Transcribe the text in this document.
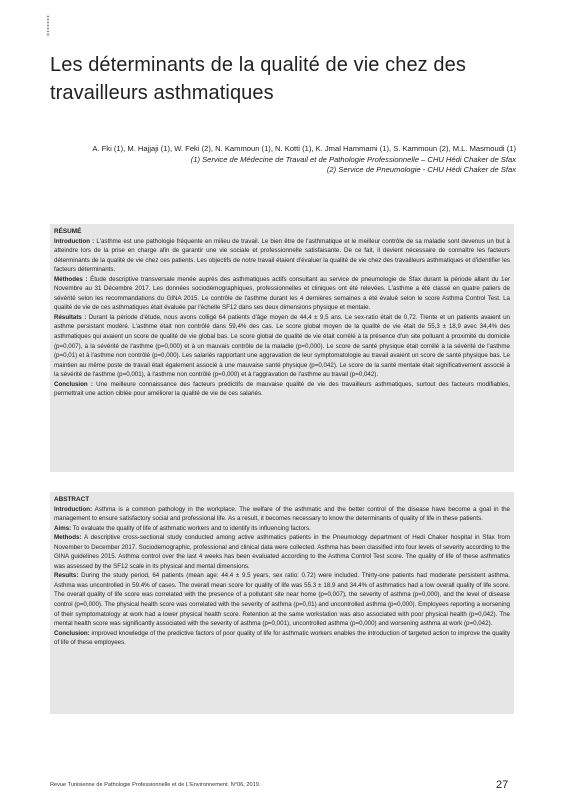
Les déterminants de la qualité de vie chez des travailleurs asthmatiques
A. Fki (1), M. Hajjaji (1), W. Feki (2), N. Kammoun (1), N. Kotti (1), K. Jmal Hammami (1), S. Kammoun (2), M.L. Masmoudi (1)
(1) Service de Médecine de Travail et de Pathologie Professionnelle – CHU Hédi Chaker de Sfax
(2) Service de Pneumologie - CHU Hédi Chaker de Sfax
RÉSUMÉ

Introduction : L'asthme est une pathologie fréquente en milieu de travail. Le bien être de l'asthmatique et le meilleur contrôle de sa maladie sont devenus un but à atteindre lors de la prise en charge afin de garantir une vie sociale et professionnelle satisfaisante. De ce fait, il devient nécessaire de connaître les facteurs déterminants de la qualité de vie chez ces patients. Les objectifs de notre travail étaient d'évaluer la qualité de vie chez des travailleurs asthmatiques et d'identifier les facteurs déterminants.

Méthodes : Étude descriptive transversale menée auprès des asthmatiques actifs consultant au service de pneumologie de Sfax durant la période allant du 1er Novembre au 31 Décembre 2017. Les données sociodémographiques, professionnelles et cliniques ont été relevées. L'asthme a été classé en quatre paliers de sévérité selon les recommandations du GINA 2015. Le contrôle de l'asthme durant les 4 dernières semaines a été évalué selon le score Asthma Control Test. La qualité de vie de ces asthmatiques était évaluée par l'échelle SF12 dans ses deux dimensions physique et mentale.

Résultats : Durant la période d'étude, nous avons colligé 64 patients d'âge moyen de 44,4 ± 9,5 ans. Le sex-ratio était de 0,72. Trente et un patients avaient un asthme persistant modéré. L'asthme était non contrôlé dans 59,4% des cas. Le score global moyen de la qualité de vie était de 55,3 ± 18,9 avec 34,4% des asthmatiques qui avaient un score de qualité de vie global bas. Le score global de qualité de vie était corrélé à la présence d'un site polluant à proximité du domicile (p=0,007), à la sévérité de l'asthme (p=0,000) et à un mauvais contrôle de la maladie (p=0,000). Le score de santé physique était corrélé à la sévérité de l'asthme (p=0,01) et à l'asthme non contrôlé (p=0,000). Les salariés rapportant une aggravation de leur symptomatologie au travail avaient un score de santé physique bas. Le maintien au même poste de travail était également associé à une mauvaise santé physique (p=0,042). Le score de la santé mentale était significativement associé à la sévérité de l'asthme (p=0,001), à l'asthme non contrôlé (p=0,000) et à l'aggravation de l'asthme au travail (p=0,042).

Conclusion : Une meilleure connaissance des facteurs prédictifs de mauvaise qualité de vie des travailleurs asthmatiques, surtout des facteurs modifiables, permettrait une action ciblée pour améliorer la qualité de vie de ces salariés.

ABSTRACT

Introduction: Asthma is a common pathology in the workplace. The welfare of the asthmatic and the better control of the disease have become a goal in the management to ensure satisfactory social and professional life. As a result, it becomes necessary to know the determinants of quality of life in these patients.

Aims: To evaluate the quality of life of asthmatic workers and to identify its influencing factors.

Methods: A descriptive cross-sectional study conducted among active asthmatics patients in the Pneumology department of Hedi Chaker hospital in Sfax from November to December 2017. Sociodemographic, professional and clinical data were collected. Asthma has been classified into four levels of severity according to the GINA guidelines 2015. Asthma control over the last 4 weeks has been evaluated according to the Asthma Control Test score. The quality of life of these asthmatics was assessed by the SF12 scale in its physical and mental dimensions.

Results: During the study period, 64 patients (mean age: 44.4 ± 9.5 years, sex ratio: 0.72) were included. Thirty-one patients had moderate persistent asthma. Asthma was uncontrolled in 59.4% of cases. The overall mean score for quality of life was 55.3 ± 18.9 and 34.4% of asthmatics had a low overall quality of life score. The overall quality of life score was correlated with the presence of a pollutant site near home (p=0,007), the severity of asthma (p=0,000), and the level of disease control (p=0,000). The physical health score was correlated with the severity of asthma (p=0,01) and uncontrolled asthma (p=0,000). Employees reporting a worsening of their symptomatology at work had a lower physical health score. Retention at the same workstation was also associated with poor physical health (p=0,042). The mental health score was significantly associated with the severity of asthma (p=0,001), uncontrolled asthma (p=0,000) and worsening asthma at work (p=0,042).

Conclusion: improved knowledge of the predictive factors of poor quality of life for asthmatic workers enables the introduction of targeted action to improve the quality of life of these employees.

Revue Tunisienne de Pathologie Professionnelle et de L'Environnement. N°06, 2019.	27
